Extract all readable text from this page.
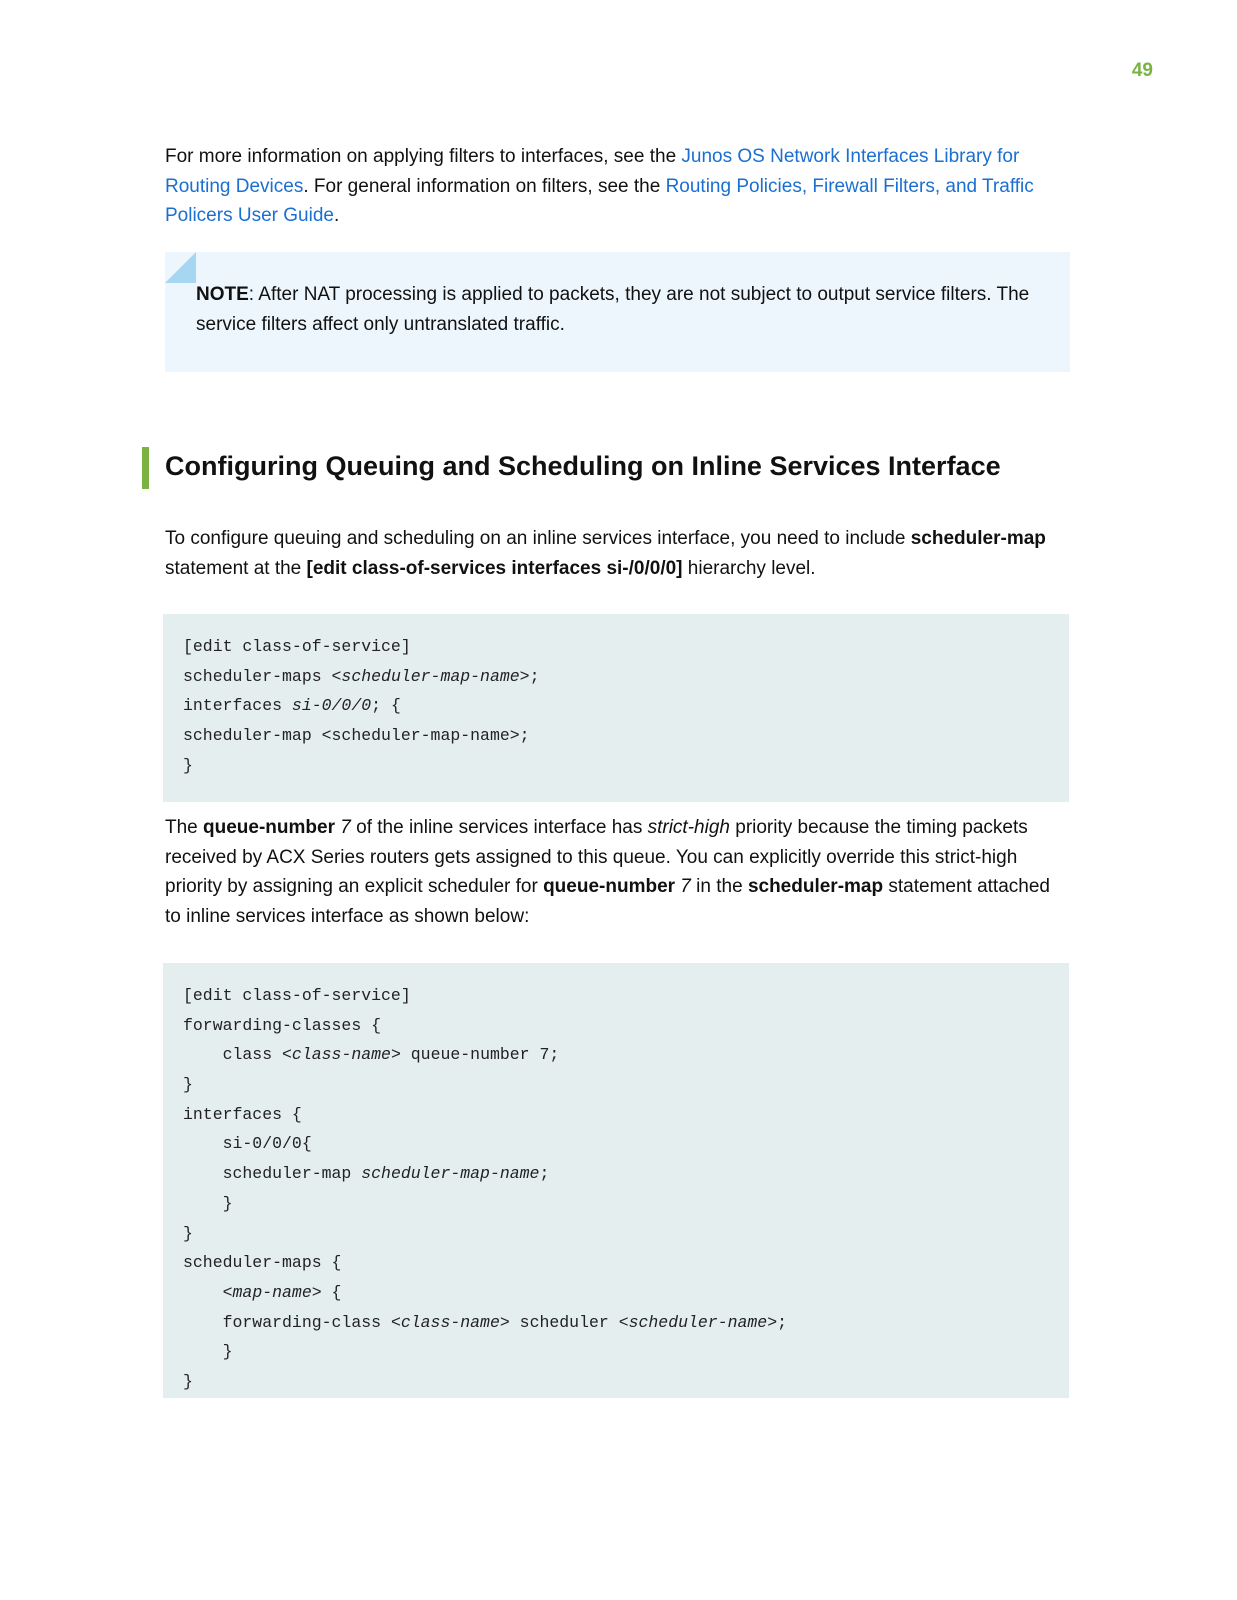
49

For more information on applying filters to interfaces, see the Junos OS Network Interfaces Library for Routing Devices. For general information on filters, see the Routing Policies, Firewall Filters, and Traffic Policers User Guide.

NOTE: After NAT processing is applied to packets, they are not subject to output service filters. The service filters affect only untranslated traffic.

Configuring Queuing and Scheduling on Inline Services Interface

To configure queuing and scheduling on an inline services interface, you need to include scheduler-map statement at the [edit class-of-services interfaces si-/0/0/0] hierarchy level.

[edit class-of-service]
scheduler-maps <scheduler-map-name>;
interfaces si-0/0/0; {
scheduler-map <scheduler-map-name>;
}

The queue-number 7 of the inline services interface has strict-high priority because the timing packets received by ACX Series routers gets assigned to this queue. You can explicitly override this strict-high priority by assigning an explicit scheduler for queue-number 7 in the scheduler-map statement attached to inline services interface as shown below:

[edit class-of-service]
forwarding-classes {
class <class-name> queue-number 7;
}
interfaces {
si-0/0/0{
scheduler-map scheduler-map-name;
}
}
scheduler-maps {
<map-name> {
forwarding-class <class-name> scheduler <scheduler-name>;
}
}
